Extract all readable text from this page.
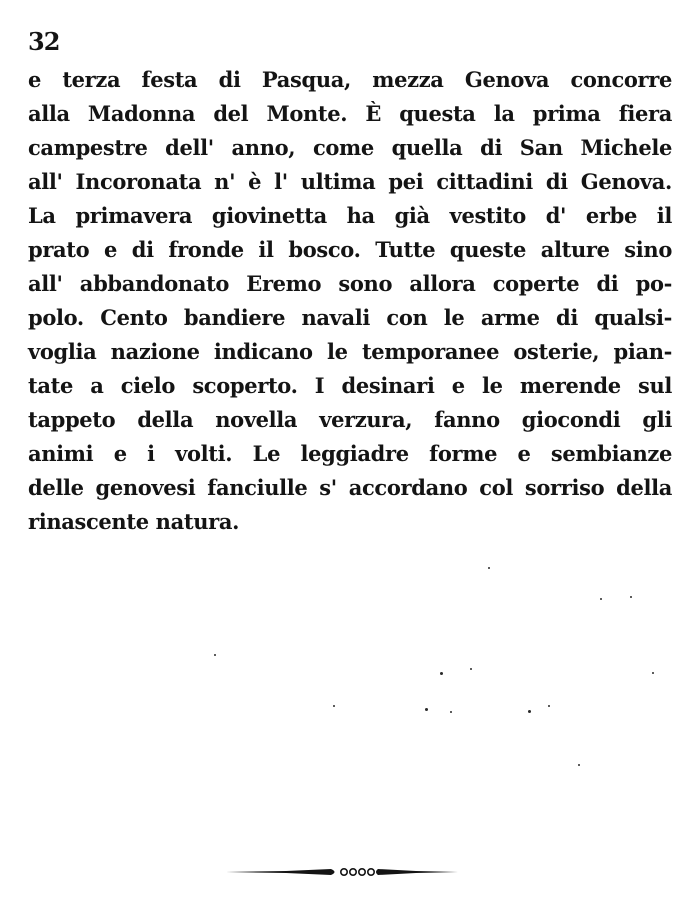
32
e terza festa di Pasqua, mezza Genova concorre
alla Madonna del Monte. È questa la prima fiera
campestre dell' anno, come quella di San Michele
all' Incoronata n' è l' ultima pei cittadini di Genova.
La primavera giovinetta ha già vestito d' erbe il
prato e di fronde il bosco. Tutte queste alture sino
all' abbandonato Eremo sono allora coperte di po-
polo. Cento bandiere navali con le arme di qualsi-
voglia nazione indicano le temporanee osterie, pian-
tate a cielo scoperto. I desinari e le merende sul
tappeto della novella verzura, fanno giocondi gli
animi e i volti. Le leggiadre forme e sembianze
delle genovesi fanciulle s' accordano col sorriso della
rinascente natura.
